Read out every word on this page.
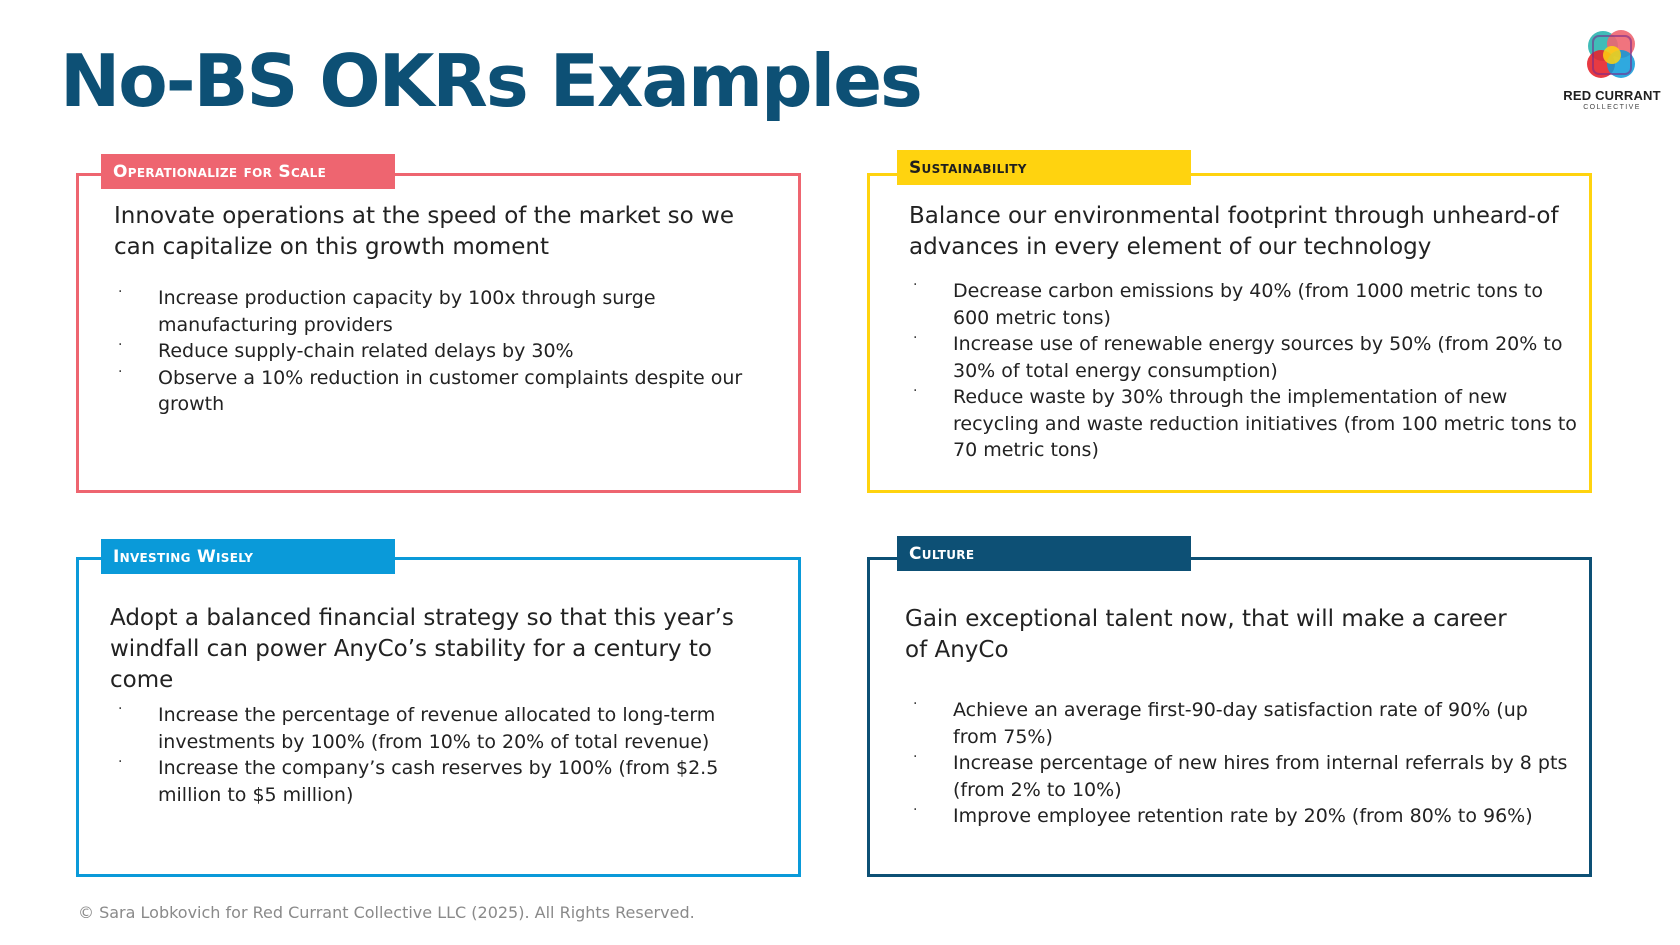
No-BS OKRs Examples	RED CURRANT
COLLECTIVE
Operationalize for Scale

Innovate operations at the speed of the market so we can capitalize on this growth moment

· Increase production capacity by 100x through surge manufacturing providers
· Reduce supply-chain related delays by 30%
· Observe a 10% reduction in customer complaints despite our growth
Sustainability

Balance our environmental footprint through unheard-of advances in every element of our technology

· Decrease carbon emissions by 40% (from 1000 metric tons to 600 metric tons)
· Increase use of renewable energy sources by 50% (from 20% to 30% of total energy consumption)
· Reduce waste by 30% through the implementation of new recycling and waste reduction initiatives (from 100 metric tons to 70 metric tons)
Investing Wisely

Adopt a balanced financial strategy so that this year’s windfall can power AnyCo’s stability for a century to come

· Increase the percentage of revenue allocated to long-term investments by 100% (from 10% to 20% of total revenue)
· Increase the company’s cash reserves by 100% (from $2.5 million to $5 million)
Culture

Gain exceptional talent now, that will make a career of AnyCo

· Achieve an average first-90-day satisfaction rate of 90% (up from 75%)
· Increase percentage of new hires from internal referrals by 8 pts (from 2% to 10%)
· Improve employee retention rate by 20% (from 80% to 96%)
© Sara Lobkovich for Red Currant Collective LLC (2025). All Rights Reserved.
